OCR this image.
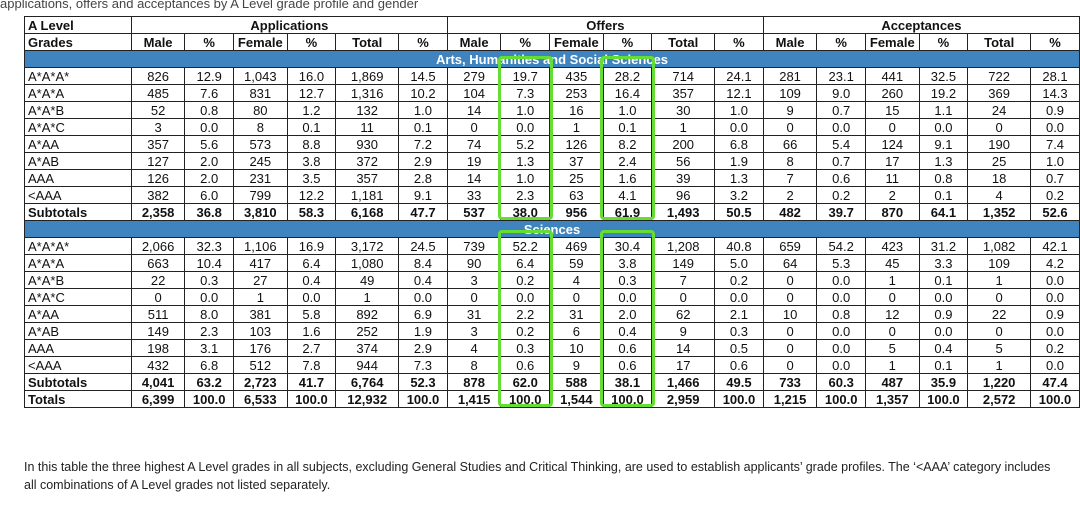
applications, offers and acceptances by A Level grade profile and gender
A Level	Applications						Offers						Acceptances					
Grades	Male	%	Female	%	Total	%	Male	%	Female	%	Total	%	Male	%	Female	%	Total	%
Arts, Humanities and Social Sciences																		
A*A*A*	826	12.9	1,043	16.0	1,869	14.5	279	19.7	435	28.2	714	24.1	281	23.1	441	32.5	722	28.1
A*A*A	485	7.6	831	12.7	1,316	10.2	104	7.3	253	16.4	357	12.1	109	9.0	260	19.2	369	14.3
A*A*B	52	0.8	80	1.2	132	1.0	14	1.0	16	1.0	30	1.0	9	0.7	15	1.1	24	0.9
A*A*C	3	0.0	8	0.1	11	0.1	0	0.0	1	0.1	1	0.0	0	0.0	0	0.0	0	0.0
A*AA	357	5.6	573	8.8	930	7.2	74	5.2	126	8.2	200	6.8	66	5.4	124	9.1	190	7.4
A*AB	127	2.0	245	3.8	372	2.9	19	1.3	37	2.4	56	1.9	8	0.7	17	1.3	25	1.0
AAA	126	2.0	231	3.5	357	2.8	14	1.0	25	1.6	39	1.3	7	0.6	11	0.8	18	0.7
<AAA	382	6.0	799	12.2	1,181	9.1	33	2.3	63	4.1	96	3.2	2	0.2	2	0.1	4	0.2
Subtotals	2,358	36.8	3,810	58.3	6,168	47.7	537	38.0	956	61.9	1,493	50.5	482	39.7	870	64.1	1,352	52.6
Sciences																		
A*A*A*	2,066	32.3	1,106	16.9	3,172	24.5	739	52.2	469	30.4	1,208	40.8	659	54.2	423	31.2	1,082	42.1
A*A*A	663	10.4	417	6.4	1,080	8.4	90	6.4	59	3.8	149	5.0	64	5.3	45	3.3	109	4.2
A*A*B	22	0.3	27	0.4	49	0.4	3	0.2	4	0.3	7	0.2	0	0.0	1	0.1	1	0.0
A*A*C	0	0.0	1	0.0	1	0.0	0	0.0	0	0.0	0	0.0	0	0.0	0	0.0	0	0.0
A*AA	511	8.0	381	5.8	892	6.9	31	2.2	31	2.0	62	2.1	10	0.8	12	0.9	22	0.9
A*AB	149	2.3	103	1.6	252	1.9	3	0.2	6	0.4	9	0.3	0	0.0	0	0.0	0	0.0
AAA	198	3.1	176	2.7	374	2.9	4	0.3	10	0.6	14	0.5	0	0.0	5	0.4	5	0.2
<AAA	432	6.8	512	7.8	944	7.3	8	0.6	9	0.6	17	0.6	0	0.0	1	0.1	1	0.0
Subtotals	4,041	63.2	2,723	41.7	6,764	52.3	878	62.0	588	38.1	1,466	49.5	733	60.3	487	35.9	1,220	47.4
Totals	6,399	100.0	6,533	100.0	12,932	100.0	1,415	100.0	1,544	100.0	2,959	100.0	1,215	100.0	1,357	100.0	2,572	100.0
In this table the three highest A Level grades in all subjects, excluding General Studies and Critical Thinking, are used to establish applicants’ grade profiles. The ‘<AAA’ category includes all combinations of A Level grades not listed separately.
